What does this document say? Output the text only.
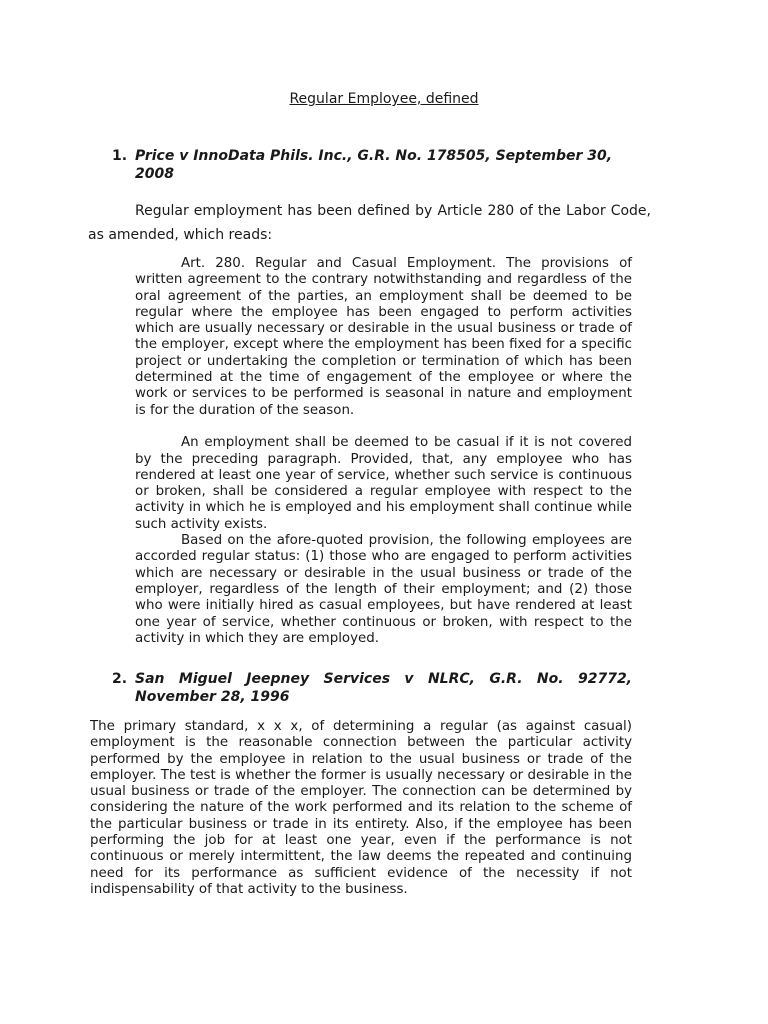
Regular Employee, defined
1. Price v InnoData Phils. Inc., G.R. No. 178505, September 30, 2008

Regular employment has been defined by Article 280 of the Labor Code, as amended, which reads:

Art. 280. Regular and Casual Employment. The provisions of written agreement to the contrary notwithstanding and regardless of the oral agreement of the parties, an employment shall be deemed to be regular where the employee has been engaged to perform activities which are usually necessary or desirable in the usual business or trade of the employer, except where the employment has been fixed for a specific project or undertaking the completion or termination of which has been determined at the time of engagement of the employee or where the work or services to be performed is seasonal in nature and employment is for the duration of the season.

An employment shall be deemed to be casual if it is not covered by the preceding paragraph. Provided, that, any employee who has rendered at least one year of service, whether such service is continuous or broken, shall be considered a regular employee with respect to the activity in which he is employed and his employment shall continue while such activity exists.

Based on the afore-quoted provision, the following employees are accorded regular status: (1) those who are engaged to perform activities which are necessary or desirable in the usual business or trade of the employer, regardless of the length of their employment; and (2) those who were initially hired as casual employees, but have rendered at least one year of service, whether continuous or broken, with respect to the activity in which they are employed.

2. San Miguel Jeepney Services v NLRC, G.R. No. 92772,
November 28, 1996

The primary standard, x x x, of determining a regular (as against casual) employment is the reasonable connection between the particular activity performed by the employee in relation to the usual business or trade of the employer. The test is whether the former is usually necessary or desirable in the usual business or trade of the employer. The connection can be determined by considering the nature of the work performed and its relation to the scheme of the particular business or trade in its entirety. Also, if the employee has been performing the job for at least one year, even if the performance is not continuous or merely intermittent, the law deems the repeated and continuing need for its performance as sufficient evidence of the necessity if not indispensability of that activity to the business.
